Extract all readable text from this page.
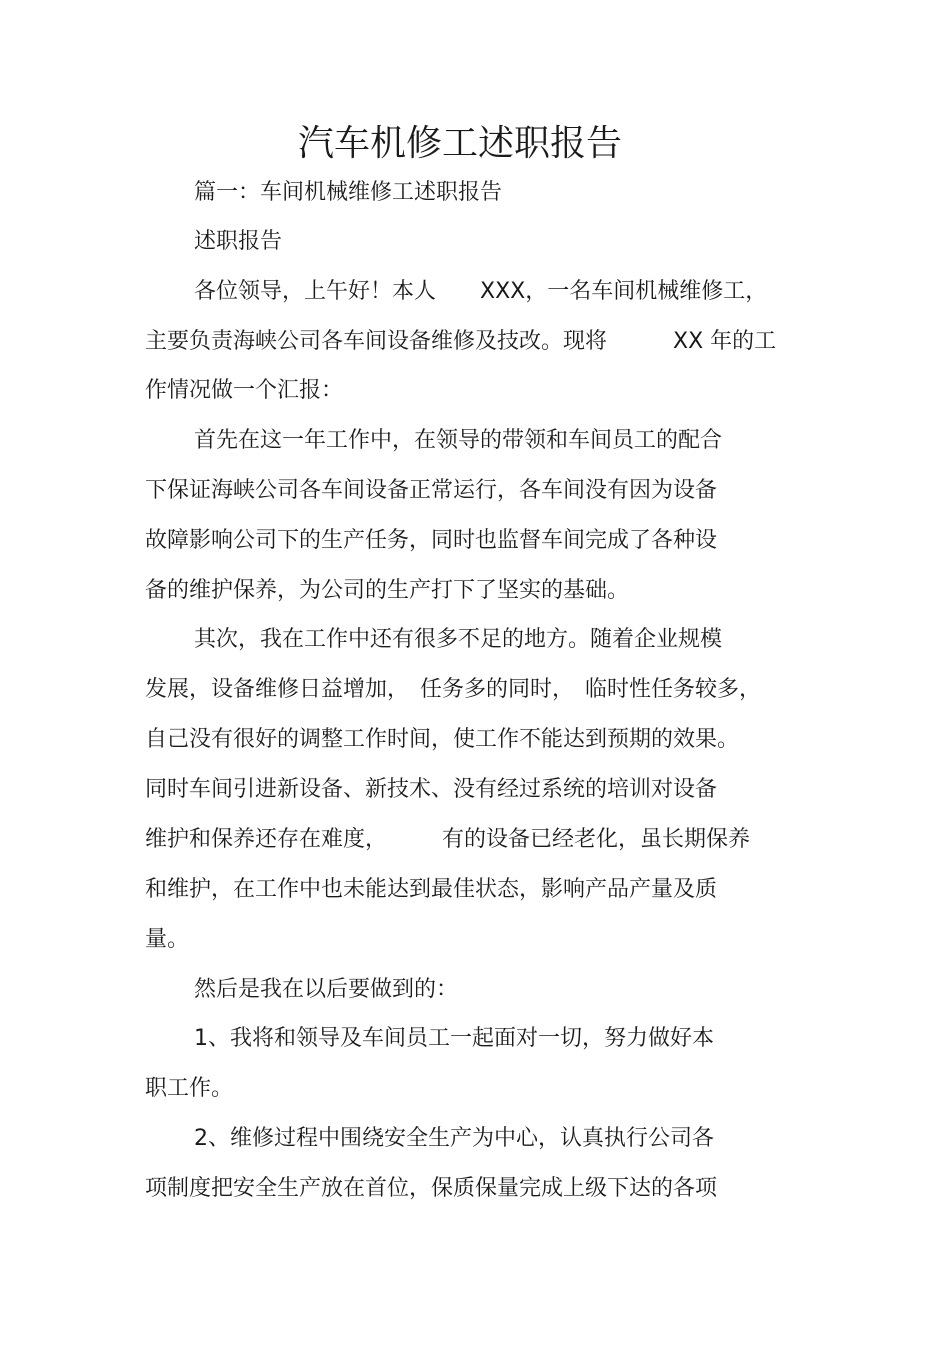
汽车机修工述职报告
篇一：车间机械维修工述职报告
述职报告
各位领导，上午好！本人　　XXX，一名车间机械维修工，
主要负责海峡公司各车间设备维修及技改。现将　　　XX 年的工
作情况做一个汇报：
首先在这一年工作中，在领导的带领和车间员工的配合
下保证海峡公司各车间设备正常运行，各车间没有因为设备
故障影响公司下的生产任务，同时也监督车间完成了各种设
备的维护保养，为公司的生产打下了坚实的基础。
其次，我在工作中还有很多不足的地方。随着企业规模
发展，设备维修日益增加，　任务多的同时，　临时性任务较多，
自己没有很好的调整工作时间，使工作不能达到预期的效果。
同时车间引进新设备、新技术、没有经过系统的培训对设备
维护和保养还存在难度，　　　有的设备已经老化，虽长期保养
和维护，在工作中也未能达到最佳状态，影响产品产量及质
量。
然后是我在以后要做到的：
1、我将和领导及车间员工一起面对一切，努力做好本
职工作。
2、维修过程中围绕安全生产为中心，认真执行公司各
项制度把安全生产放在首位，保质保量完成上级下达的各项
